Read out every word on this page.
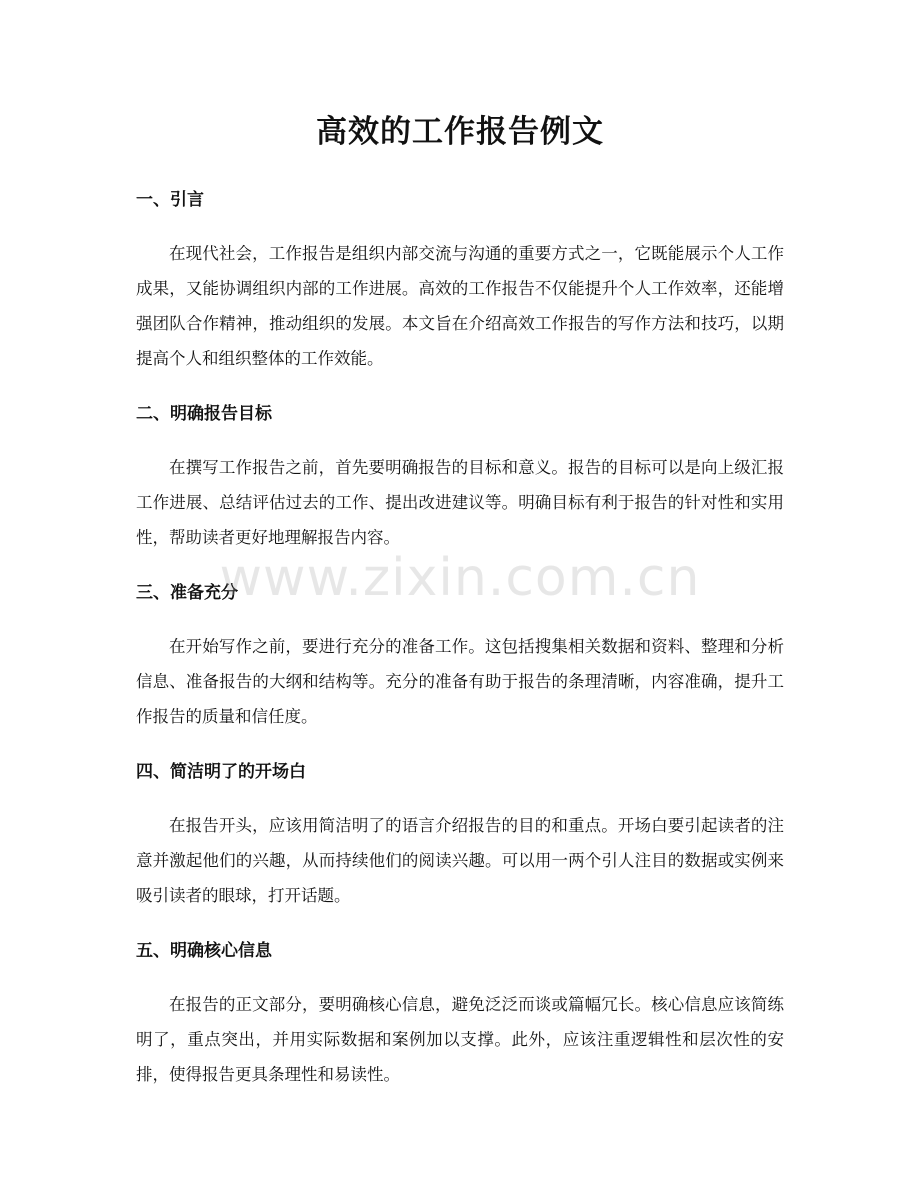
高效的工作报告例文
一、引言

在现代社会，工作报告是组织内部交流与沟通的重要方式之一，它既能展示个人工作成果，又能协调组织内部的工作进展。高效的工作报告不仅能提升个人工作效率，还能增强团队合作精神，推动组织的发展。本文旨在介绍高效工作报告的写作方法和技巧，以期提高个人和组织整体的工作效能。

二、明确报告目标

在撰写工作报告之前，首先要明确报告的目标和意义。报告的目标可以是向上级汇报工作进展、总结评估过去的工作、提出改进建议等。明确目标有利于报告的针对性和实用性，帮助读者更好地理解报告内容。

三、准备充分

在开始写作之前，要进行充分的准备工作。这包括搜集相关数据和资料、整理和分析信息、准备报告的大纲和结构等。充分的准备有助于报告的条理清晰，内容准确，提升工作报告的质量和信任度。

四、简洁明了的开场白

在报告开头，应该用简洁明了的语言介绍报告的目的和重点。开场白要引起读者的注意并激起他们的兴趣，从而持续他们的阅读兴趣。可以用一两个引人注目的数据或实例来吸引读者的眼球，打开话题。

五、明确核心信息

在报告的正文部分，要明确核心信息，避免泛泛而谈或篇幅冗长。核心信息应该简练明了，重点突出，并用实际数据和案例加以支撑。此外，应该注重逻辑性和层次性的安排，使得报告更具条理性和易读性。

www.zixin.com.cn
